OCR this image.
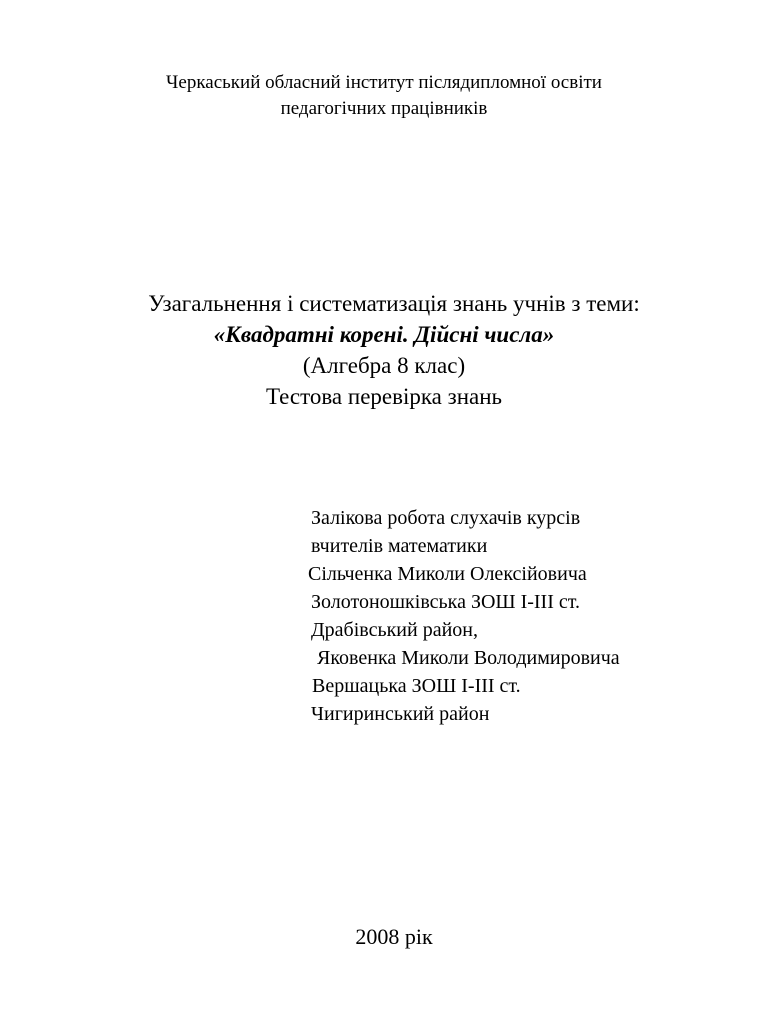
Черкаський обласний інститут післядипломної освіти
педагогічних працівників
Узагальнення і систематизація знань учнів з теми:
«Квадратні корені. Дійсні числа»
(Алгебра 8 клас)
Тестова перевірка знань
Залікова робота слухачів курсів
вчителів математики
Сільченка Миколи Олексійовича
Золотоношківська ЗОШ І-ІІІ ст.
Драбівський район,
Яковенка Миколи Володимировича
Вершацька ЗОШ І-ІІІ ст.
Чигиринський район
2008 рік
